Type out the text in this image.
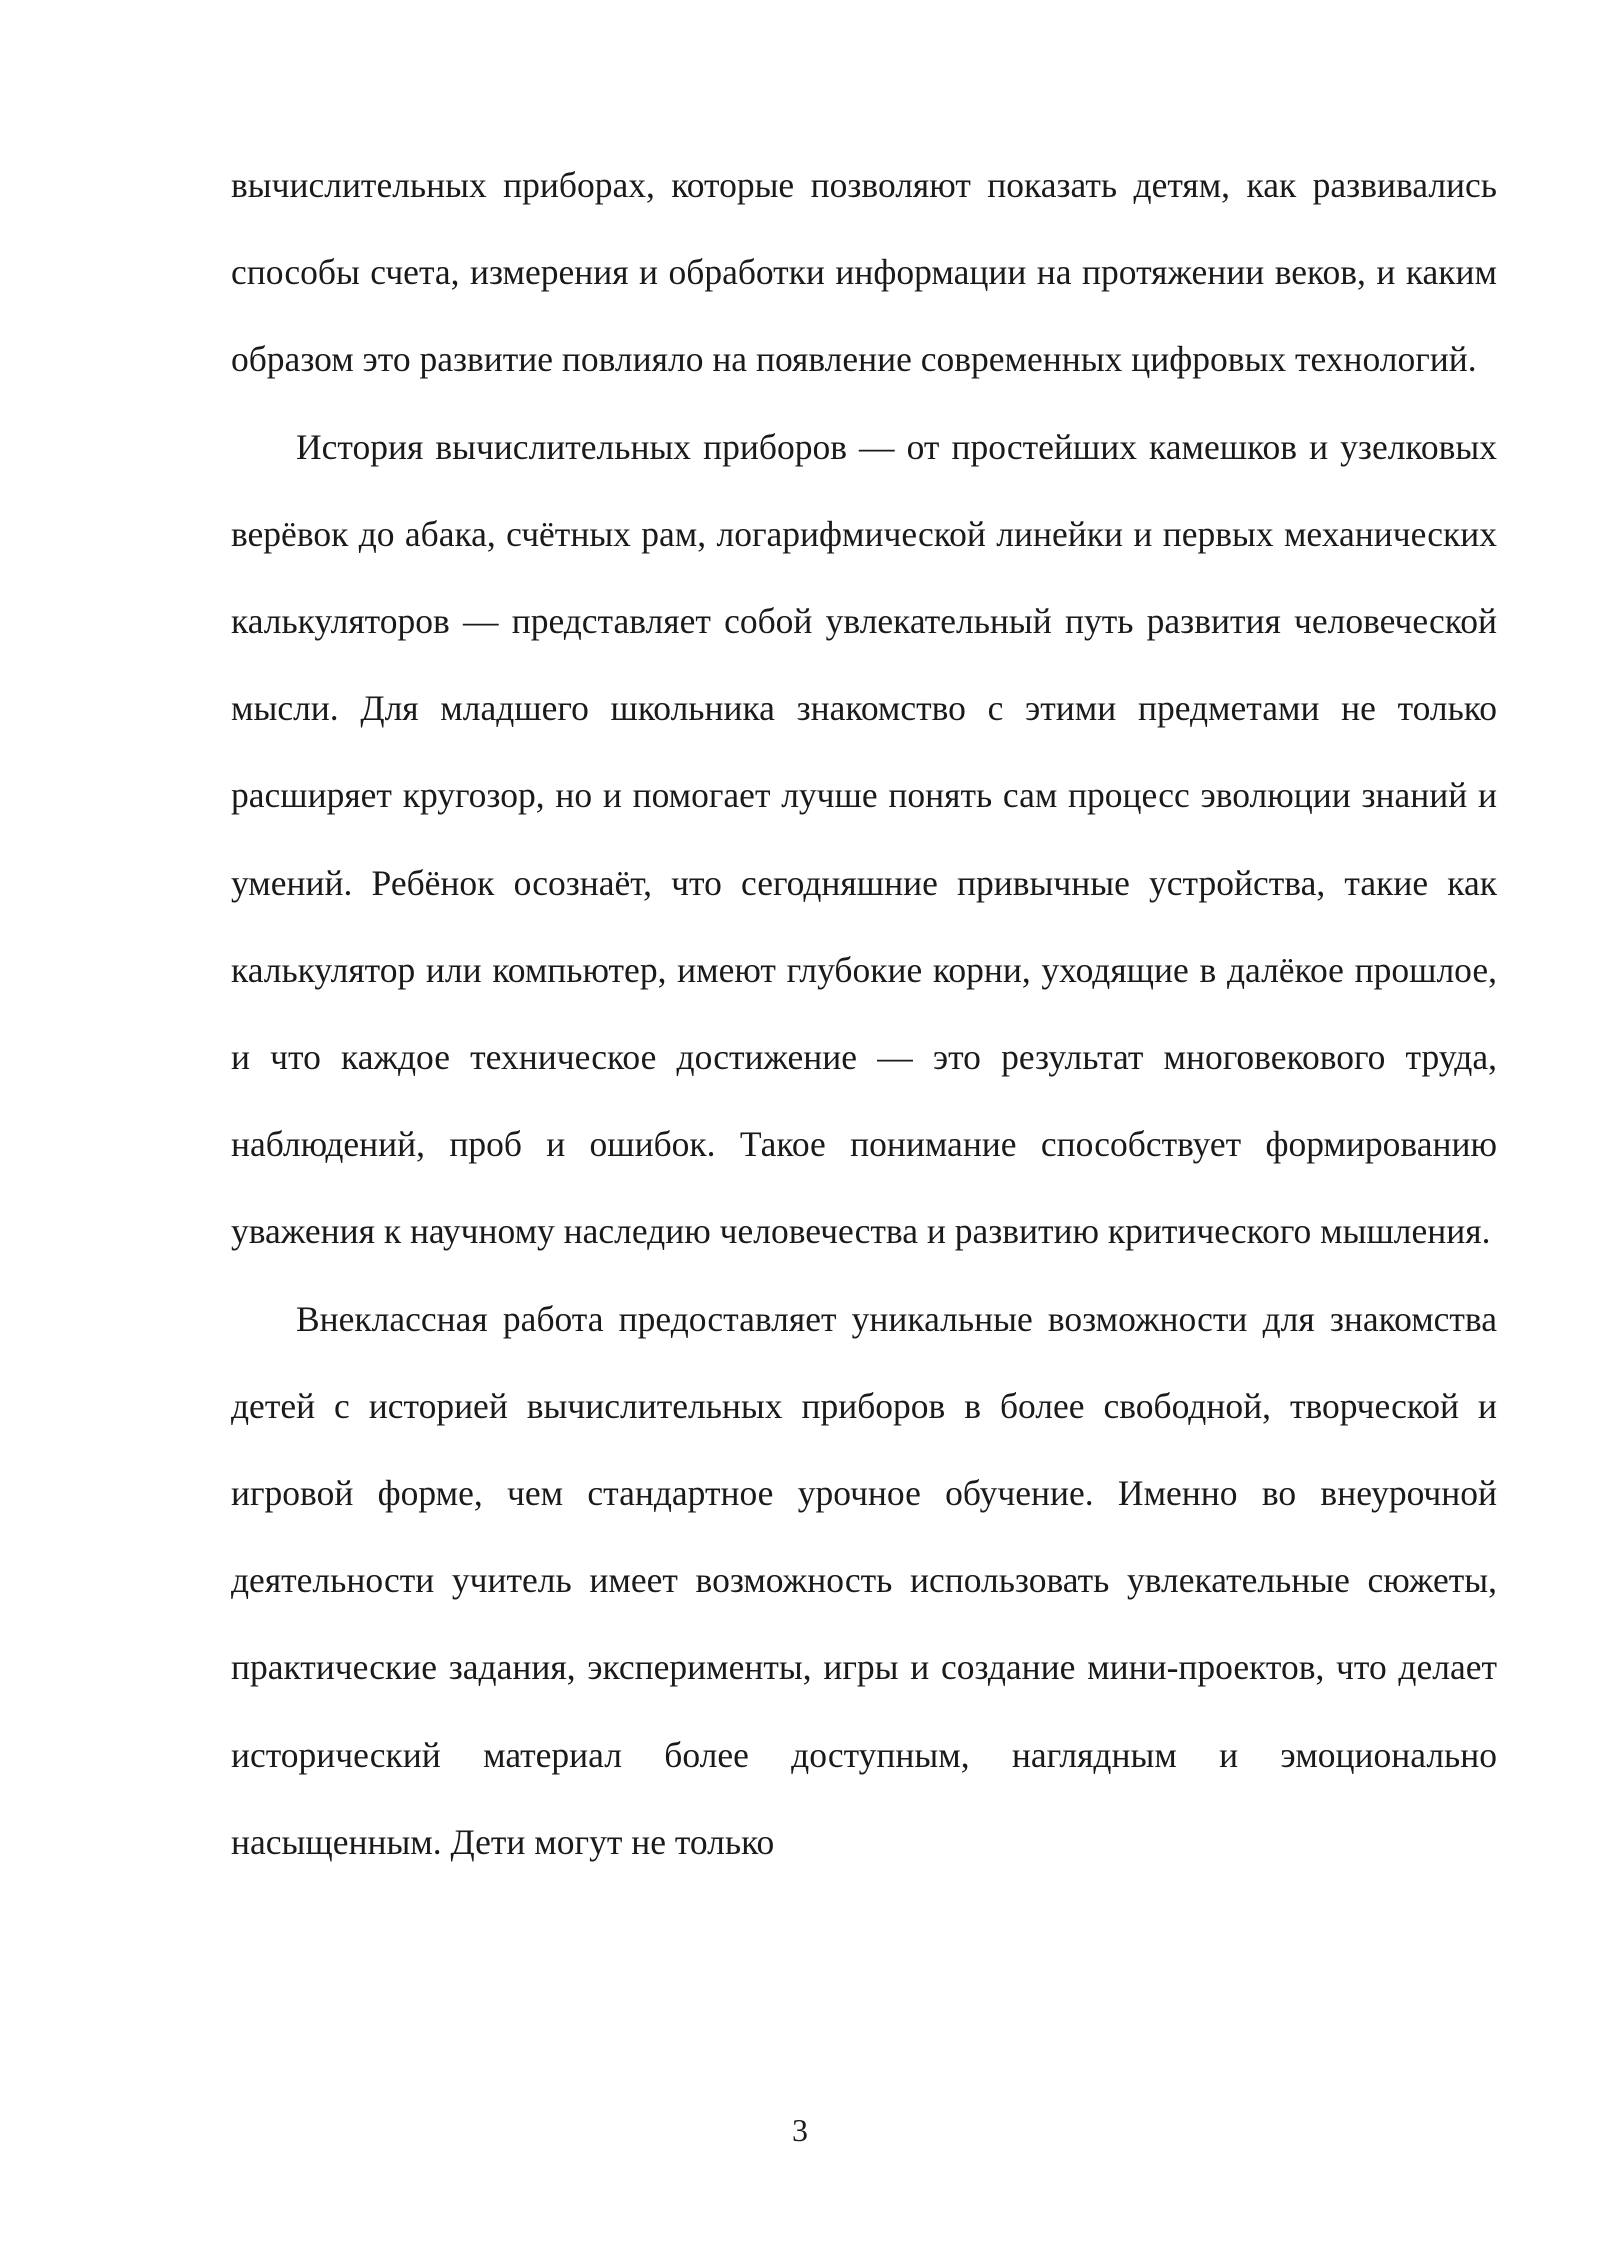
вычислительных приборах, которые позволяют показать детям, как развивались способы счета, измерения и обработки информации на протяжении веков, и каким образом это развитие повлияло на появление современных цифровых технологий.

История вычислительных приборов — от простейших камешков и узелковых верёвок до абака, счётных рам, логарифмической линейки и первых механических калькуляторов — представляет собой увлекательный путь развития человеческой мысли. Для младшего школьника знакомство с этими предметами не только расширяет кругозор, но и помогает лучше понять сам процесс эволюции знаний и умений. Ребёнок осознаёт, что сегодняшние привычные устройства, такие как калькулятор или компьютер, имеют глубокие корни, уходящие в далёкое прошлое, и что каждое техническое достижение — это результат многовекового труда, наблюдений, проб и ошибок. Такое понимание способствует формированию уважения к научному наследию человечества и развитию критического мышления.

Внеклассная работа предоставляет уникальные возможности для знакомства детей с историей вычислительных приборов в более свободной, творческой и игровой форме, чем стандартное урочное обучение. Именно во внеурочной деятельности учитель имеет возможность использовать увлекательные сюжеты, практические задания, эксперименты, игры и создание мини-проектов, что делает исторический материал более доступным, наглядным и эмоционально насыщенным. Дети могут не только

3
